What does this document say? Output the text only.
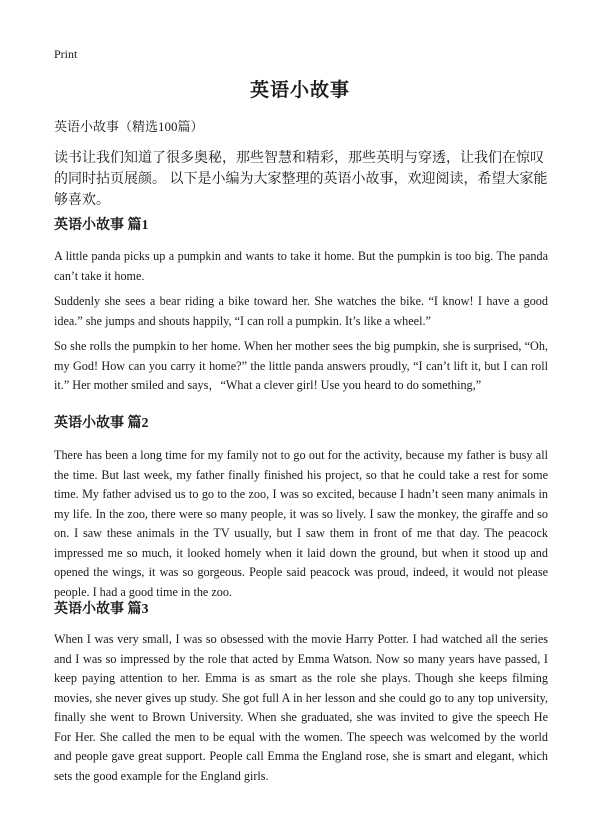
Print
英语小故事
英语小故事（精选100篇）

读书让我们知道了很多奥秘，那些智慧和精彩，那些英明与穿透，让我们在惊叹的同时拈页展颜。 以下是小编为大家整理的英语小故事，欢迎阅读，希望大家能够喜欢。

英语小故事 篇1

A little panda picks up a pumpkin and wants to take it home. But the pumpkin is too big. The panda can’t take it home.

Suddenly she sees a bear riding a bike toward her. She watches the bike. “I know! I have a good idea.” she jumps and shouts happily, “I can roll a pumpkin. It’s like a wheel.”

So she rolls the pumpkin to her home. When her mother sees the big pumpkin, she is surprised, “Oh, my God! How can you carry it home?” the little panda answers proudly, “I can’t lift it, but I can roll it.” Her mother smiled and says，“What a clever girl! Use you heard to do something,”

英语小故事 篇2

There has been a long time for my family not to go out for the activity, because my father is busy all the time. But last week, my father finally finished his project, so that he could take a rest for some time. My father advised us to go to the zoo, I was so excited, because I hadn’t seen many animals in my life. In the zoo, there were so many people, it was so lively. I saw the monkey, the giraffe and so on. I saw these animals in the TV usually, but I saw them in front of me that day. The peacock impressed me so much, it looked homely when it laid down the ground, but when it stood up and opened the wings, it was so gorgeous. People said peacock was proud, indeed, it would not please people. I had a good time in the zoo.

英语小故事 篇3

When I was very small, I was so obsessed with the movie Harry Potter. I had watched all the series and I was so impressed by the role that acted by Emma Watson. Now so many years have passed, I keep paying attention to her. Emma is as smart as the role she plays. Though she keeps filming movies, she never gives up study. She got full A in her lesson and she could go to any top university, finally she went to Brown University. When she graduated, she was invited to give the speech He For Her. She called the men to be equal with the women. The speech was welcomed by the world and people gave great support. People call Emma the England rose, she is smart and elegant, which sets the good example for the England girls.
